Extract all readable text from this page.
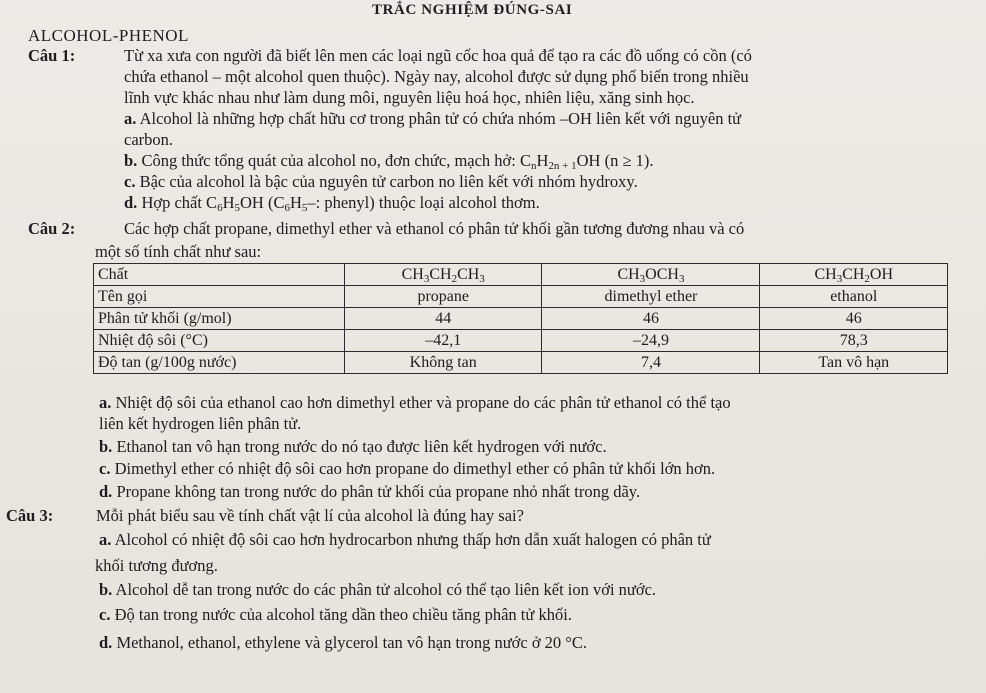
TRẮC NGHIỆM ĐÚNG-SAI
ALCOHOL-PHENOL
Câu 1:	Từ xa xưa con người đã biết lên men các loại ngũ cốc hoa quả để tạo ra các đồ uống có cồn (có
chứa ethanol – một alcohol quen thuộc). Ngày nay, alcohol được sử dụng phổ biến trong nhiều
lĩnh vực khác nhau như làm dung môi, nguyên liệu hoá học, nhiên liệu, xăng sinh học.
a. Alcohol là những hợp chất hữu cơ trong phân tử có chứa nhóm –OH liên kết với nguyên tử
carbon.
b. Công thức tổng quát của alcohol no, đơn chức, mạch hở: $C_nH_{2n + 1}OH$ (n ≥ 1).
c. Bậc của alcohol là bậc của nguyên tử carbon no liên kết với nhóm hydroxy.
d. Hợp chất $C_6H_5OH$ ($C_6H_5-$: phenyl) thuộc loại alcohol thơm.
Câu 2:	Các hợp chất propane, dimethyl ether và ethanol có phân tử khối gần tương đương nhau và có
một số tính chất như sau:
Chất	$CH_3CH_2CH_3$	$CH_3OCH_3$	$CH_3CH_2OH$
Tên gọi	propane	dimethyl ether	ethanol
Phân tử khối (g/mol)	44	46	46
Nhiệt độ sôi (°C)	–42,1	–24,9	78,3
Độ tan (g/100g nước)	Không tan	7,4	Tan vô hạn
a. Nhiệt độ sôi của ethanol cao hơn dimethyl ether và propane do các phân tử ethanol có thể tạo
liên kết hydrogen liên phân tử.
b. Ethanol tan vô hạn trong nước do nó tạo được liên kết hydrogen với nước.
c. Dimethyl ether có nhiệt độ sôi cao hơn propane do dimethyl ether có phân tử khối lớn hơn.
d. Propane không tan trong nước do phân tử khối của propane nhỏ nhất trong dãy.
Câu 3:	Mỗi phát biểu sau về tính chất vật lí của alcohol là đúng hay sai?
a. Alcohol có nhiệt độ sôi cao hơn hydrocarbon nhưng thấp hơn dẫn xuất halogen có phân tử
khối tương đương.
b. Alcohol dễ tan trong nước do các phân tử alcohol có thể tạo liên kết ion với nước.
c. Độ tan trong nước của alcohol tăng dần theo chiều tăng phân tử khối.
d. Methanol, ethanol, ethylene và glycerol tan vô hạn trong nước ở 20 °C.
